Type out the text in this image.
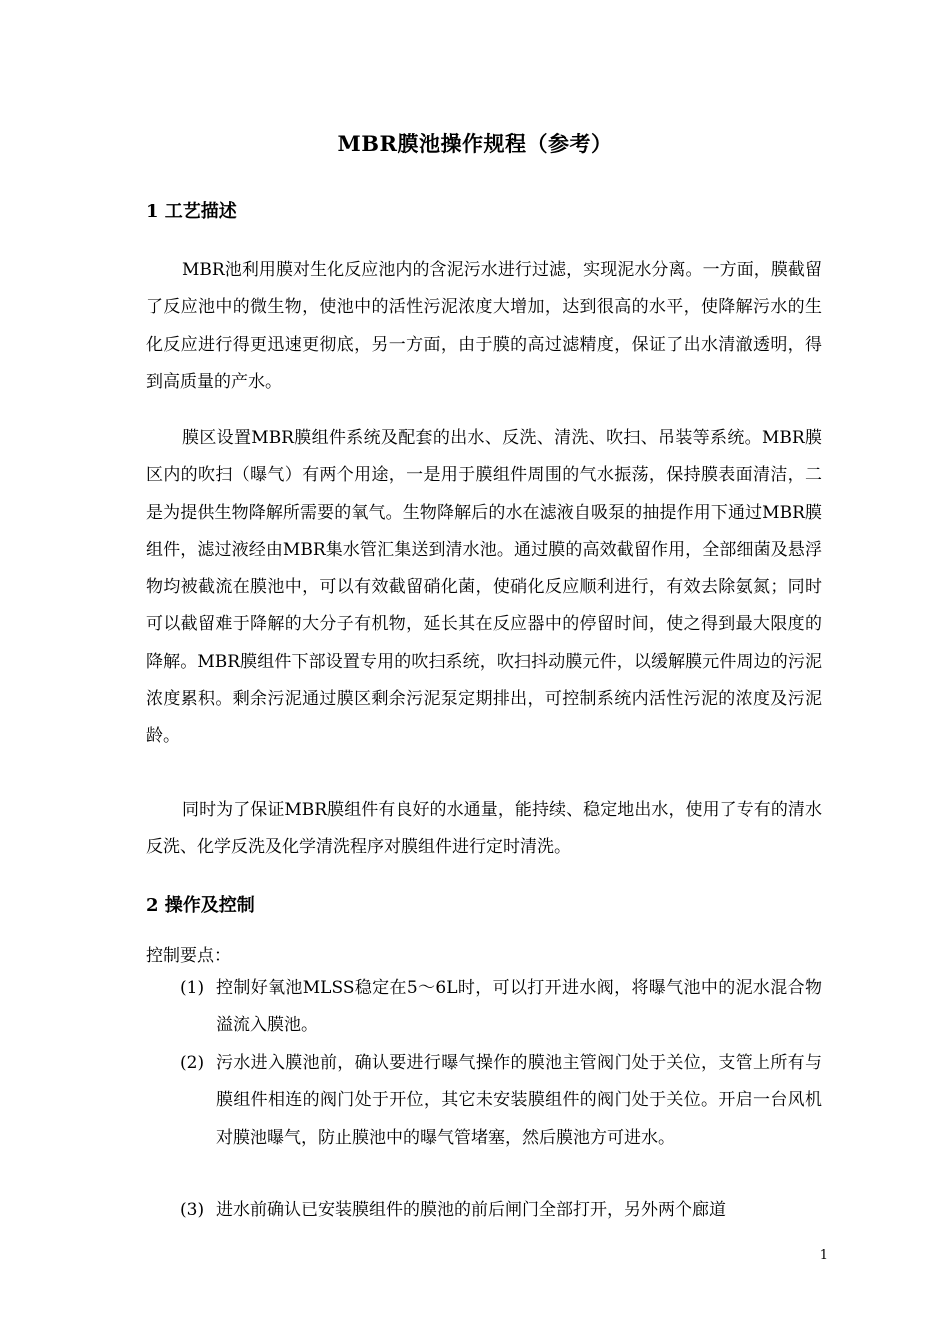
MBR膜池操作规程（参考）
1 工艺描述
MBR池利用膜对生化反应池内的含泥污水进行过滤，实现泥水分离。一方面，膜截留了反应池中的微生物，使池中的活性污泥浓度大增加，达到很高的水平，使降解污水的生化反应进行得更迅速更彻底，另一方面，由于膜的高过滤精度，保证了出水清澈透明，得到高质量的产水。
膜区设置MBR膜组件系统及配套的出水、反洗、清洗、吹扫、吊装等系统。MBR膜区内的吹扫（曝气）有两个用途，一是用于膜组件周围的气水振荡，保持膜表面清洁，二是为提供生物降解所需要的氧气。生物降解后的水在滤液自吸泵的抽提作用下通过MBR膜组件，滤过液经由MBR集水管汇集送到清水池。通过膜的高效截留作用，全部细菌及悬浮物均被截流在膜池中，可以有效截留硝化菌，使硝化反应顺利进行，有效去除氨氮；同时可以截留难于降解的大分子有机物，延长其在反应器中的停留时间，使之得到最大限度的降解。MBR膜组件下部设置专用的吹扫系统，吹扫抖动膜元件，以缓解膜元件周边的污泥浓度累积。剩余污泥通过膜区剩余污泥泵定期排出，可控制系统内活性污泥的浓度及污泥龄。
同时为了保证MBR膜组件有良好的水通量，能持续、稳定地出水，使用了专有的清水反洗、化学反洗及化学清洗程序对膜组件进行定时清洗。
2 操作及控制
控制要点：
(1) 控制好氧池MLSS稳定在5～6L时，可以打开进水阀，将曝气池中的泥水混合物溢流入膜池。
(2) 污水进入膜池前，确认要进行曝气操作的膜池主管阀门处于关位，支管上所有与膜组件相连的阀门处于开位，其它未安装膜组件的阀门处于关位。开启一台风机对膜池曝气，防止膜池中的曝气管堵塞，然后膜池方可进水。
(3) 进水前确认已安装膜组件的膜池的前后闸门全部打开，另外两个廊道
1
